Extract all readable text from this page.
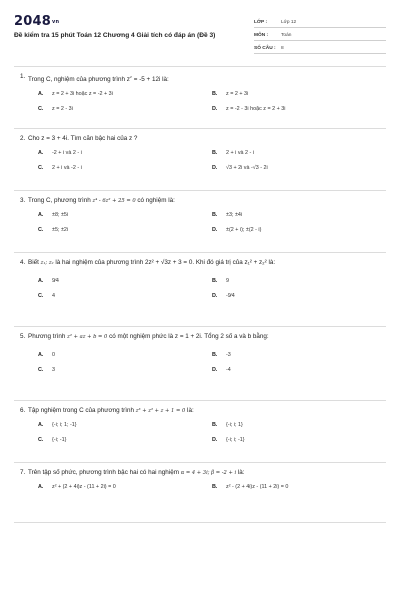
2048vn
Đề kiểm tra 15 phút Toán 12 Chương 4 Giải tích có đáp án (Đề 3)
LỚP :	Lớp 12
MÔN :	Toán
SỐ CÂU :	8
1. Trong C, nghiệm của phương trình $z^z = -5 + 12i$ là:
A.	z = 2 + 3i hoặc z = -2 + 3i	B.	z = 2 + 3i
C.	z = 2 - 3i	D.	z = -2 - 3i hoặc z = 2 + 3i
2. Cho z = 3 + 4i. Tìm căn bậc hai của z ?
A.	-2 + i và 2 - i	B.	2 + i và 2 - i
C.	2 + i và -2 - i	D.	√3 + 2i và -√3 - 2i
3. Trong C, phương trình z⁴ - 6z² + 25 = 0 có nghiệm là:
A.	±8; ±5i	B.	±3; ±4i
C.	±5; ±2i	D.	±(2 + i); ±(2 - i)
4. Biết z₁; z₂ là hai nghiệm của phương trình 2z² + √3z + 3 = 0. Khi đó giá trị của z₁² + z₂² là:
A.	9⁄4	B.	9
C.	4	D.	-9⁄4
5. Phương trình z² + az + b = 0 có một nghiệm phức là z = 1 + 2i. Tổng 2 số a và b bằng:
A.	0	B.	-3
C.	3	D.	-4
6. Tập nghiệm trong C của phương trình z³ + z² + z + 1 = 0 là:
A.	{-i; i; 1; -1}	B.	{-i; i; 1}
C.	{-i; -1}	D.	{-i; i; -1}
7. Trên tập số phức, phương trình bậc hai có hai nghiệm α = 4 + 3i; β = -2 + i là:
A.	z² + (2 + 4i)z - (11 + 2i) = 0	B.	z² - (2 + 4i)z - (11 + 2i) = 0
